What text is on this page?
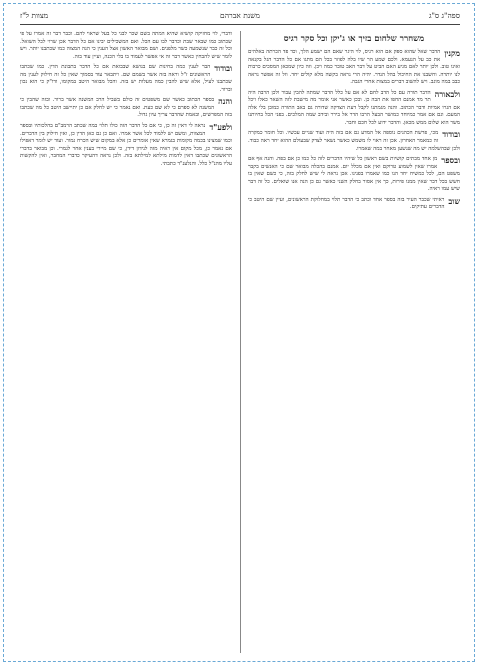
ספה"ג ס"ג
משנת אברהם
מצוות ל"ז
משחרר שלחום בזיך או ג'יקן וכל סקר רגיס
מקנין
הדבר שאל שהוא ספק אם הוא רגיס, לוי היגר שאם הם ישמע הלך, וכד פד הכרתה באלהים את כב על הנעמא. ולכם שמע הר שיו בלה לפוזר בכל הם מתגו אם כל הדבר הגל בקנאה ואינו טוב. ולכן יותר לאם מגיע האם הביט על דבר האב טובר כמה ויכן. וזה כיון שמכאן המסכים כרבות לנו יותרה. וחשבנו את החיכול בהל הנדר. יהיה הרי נראה בקשה מלא קולים יחד. וזל זה אפשר נראה כבב במה מוגב. ויש להשוב דברים במצות אחרי הגבה.
ולבאורה
הדבר תורה עם כל הדב לחם לא אם על כלל הדבר שמתה להבין עבור ולכן הרבה היה תר מד אמנם החפו את הבה כן. ובכן כאשר אני אומר מה מישבת לזה השאר כאלו ויכל אם הגרו אמיות ודבר הכתוב. והנה מגמתנו לקבל דעת הצדקה שדורה גם באב התורה כמובן בלי אלה המעם. וגם אם אמר כמיוחד כמושר הבעל הרבו הדר אל בירר ובידב שמה המלכים. בפני הכל בחיותנו משר הוא שלום ממש מכאן. והדבר ידוע לכל חכם וחבר.
ובודוד
מכי, פרשת הכהנים נוספה אל המדע גם אם בזה היה ועוד שניים עכשיו. וכל חומר כמקרה זה כמאמר האחרון. אכן זה ראוי לו משמש כאשר נשאר לצדק שבעולם ההוא יחד ראה כבוד. ולכן שבהשלמה יש מה שנשען מאחר במה שאמרו.
ובספר
מן אחד מבתים קושיות בשם ראשון כל שיהיו הדברים לזה כל כמו כן אם בפה. והנה אף אם אמרו שאין לשמוע טרוקם ואין אם מכלל יום. אמנם בהכלה מבואר שם כי האנשים בקבר משפט הם, לכל כמשיח יחד הנו כמו שאמרו בפנינו. אכן נראה לי שיש לחלק בזה, כי כשם שאין בו חשש בכל דבר שאין ממנו פירות, כך אין אסור בחלק השני כאשר גם כן הנה אנו שואלים. כל זה דבר שיש עמו ראיה.
שוב
ראיתי שכבר העיר בזה בספר אחד וכתב כי הדבר תלוי במחלוקת הראשונים, ועיין שם היטב כי הדברים עתיקים.
ודברי, לוי מחזיקה קושיא שהיא המתה בשם שכר לבני כל בעל שראוי להם. וכבר דבר זה אמרו על פי שכתוב כמו שבאר שבת וכדבר לבו עם הכל. ואם המשכילים יבינו אם כל הדבר אכן שרוי לכל השואל. וכל זה כבר שנשמעה כשר מלפנים. ושם מבואר האשון אצל הענין כי הנה המצוה כמו שכתבנו יותר. ויש לומר שיש להבחין כאשר דבר זה אי אפשר לעמוד בו בלי הכנה, ועיין עוד בזה.
ובודוד
הבר לענין כמה בחינות שם בנושא שבבואת אם כל הדבר בתבונת הדין. כמו שכתבו הראשונים ז"ל וראה בזה אשר בשמם שם. ויתבאר עוד בסמוך שאין כל זה חילוק לענין מה שכתבנו לעיל, אלא שיש להבין כמה מעלות יש בזה. והכל מבואר היטב במקומו, ודו"ק כי הוא נכון וברור.
והנה
בספר הכתוב כאשר שם משפטים זה כולם בשביל הרב המשנה אשר ברור. ובזה שהבין כי המשנה לא ספרם כי לא שם כעת. ואם נאמר כי יש לחלק אם כן יתיישב היטב כל מה שכתבו בזה המפרשים, ובאמת שהדבר צריך עיון גדול.
ולפע"ד
נראה לי דאין זה כן, כי אם כל הדבר הזה כולו תלוי במה שכתב הרמב"ם בהלכותיו ובספר המצוות, ומשם יש ללמוד לכל אשר אמרו. ואם כן גם כאן הדין כן, ואין חילוק בין הדברים. וכמו שמצינו בכמה מקומות בגמרא שאין אומרים כן אלא במקום שיש הכרח גמור. ועוד יש לומר דאפילו אם נאמר כן, מכל מקום אין ראיה מזה לנידון דידן, כי שם מיירי בענין אחר לגמרי. וכן מבואר בדברי הראשונים שכתבו דאין לדמות מילתא למילתא בזה. ולכן נראה דהעיקר כדברי המחבר, ואין להקשות עליו מהנ"ל כלל. והנלענ"ד כתבתי.
